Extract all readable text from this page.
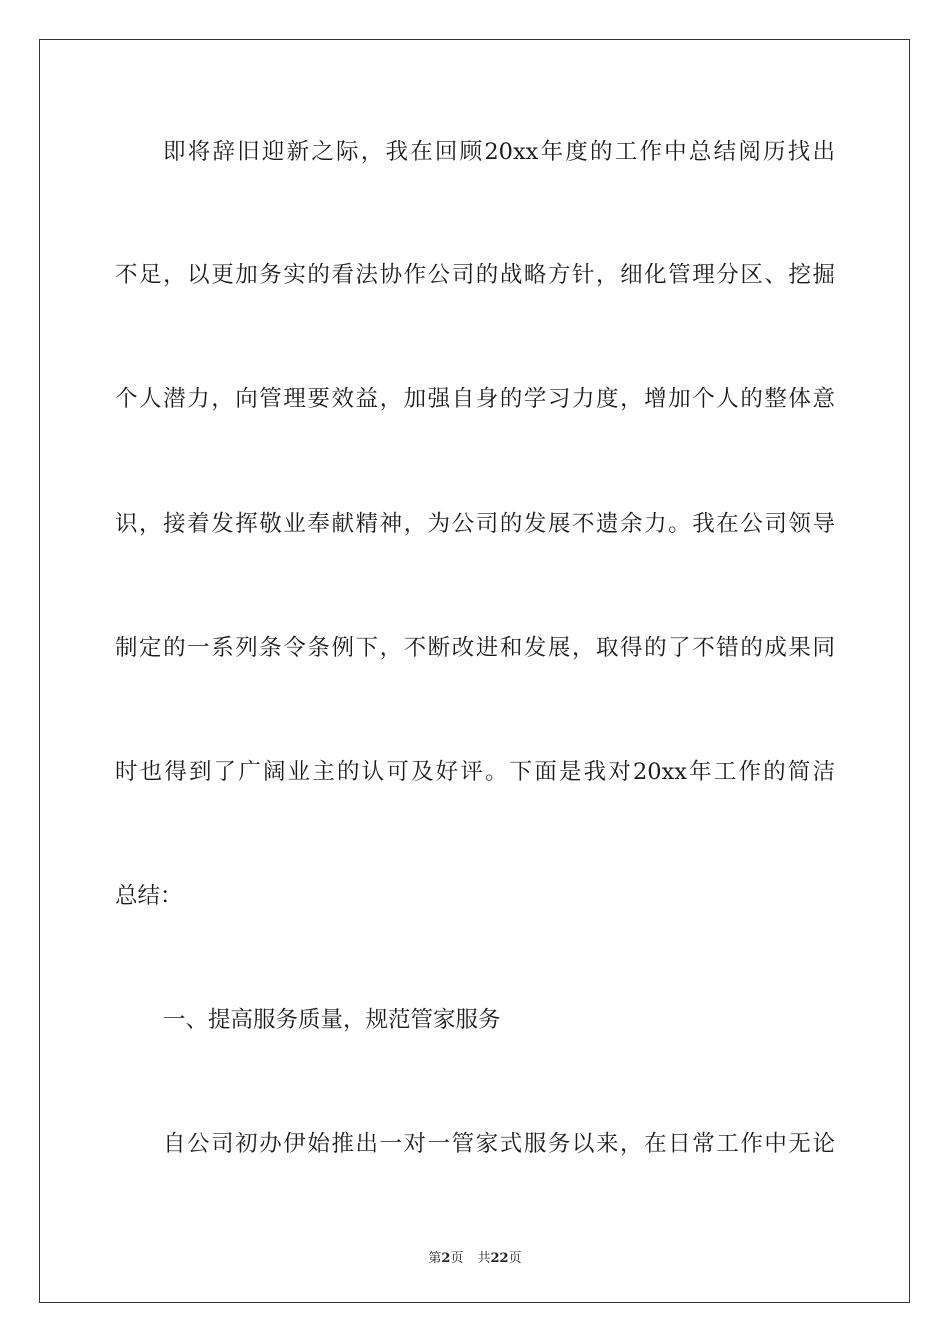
即将辞旧迎新之际，我在回顾20xx年度的工作中总结阅历找出
不足，以更加务实的看法协作公司的战略方针，细化管理分区、挖掘
个人潜力，向管理要效益，加强自身的学习力度，增加个人的整体意
识，接着发挥敬业奉献精神，为公司的发展不遗余力。我在公司领导
制定的一系列条令条例下，不断改进和发展，取得的了不错的成果同
时也得到了广阔业主的认可及好评。下面是我对20xx年工作的简洁
总结：
一、提高服务质量，规范管家服务
自公司初办伊始推出一对一管家式服务以来，在日常工作中无论
第2页 共22页
